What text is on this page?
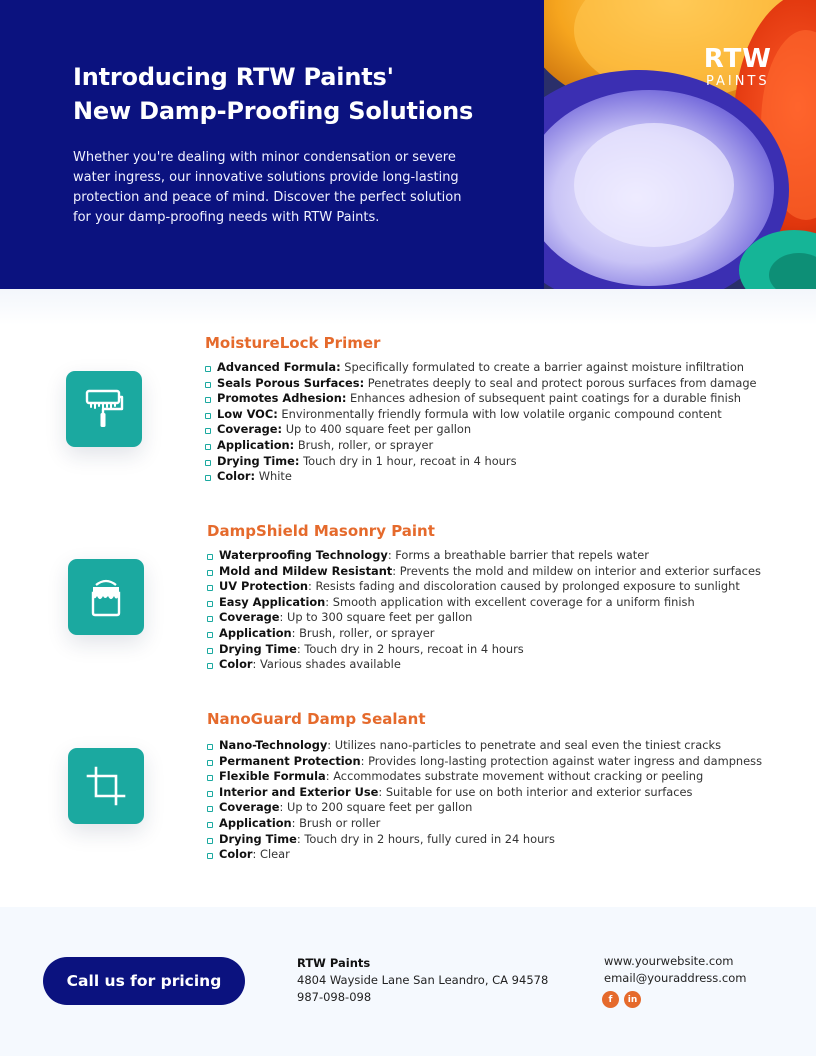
Introducing RTW Paints'
New Damp-Proofing Solutions

Whether you're dealing with minor condensation or severe water ingress, our innovative solutions provide long-lasting protection and peace of mind. Discover the perfect solution for your damp-proofing needs with RTW Paints.

RTW
PAINTS
MoistureLock Primer
Advanced Formula: Specifically formulated to create a barrier against moisture infiltration
Seals Porous Surfaces: Penetrates deeply to seal and protect porous surfaces from damage
Promotes Adhesion: Enhances adhesion of subsequent paint coatings for a durable finish
Low VOC: Environmentally friendly formula with low volatile organic compound content
Coverage: Up to 400 square feet per gallon
Application: Brush, roller, or sprayer
Drying Time: Touch dry in 1 hour, recoat in 4 hours
Color: White
DampShield Masonry Paint
Waterproofing Technology: Forms a breathable barrier that repels water
Mold and Mildew Resistant: Prevents the mold and mildew on interior and exterior surfaces
UV Protection: Resists fading and discoloration caused by prolonged exposure to sunlight
Easy Application: Smooth application with excellent coverage for a uniform finish
Coverage: Up to 300 square feet per gallon
Application: Brush, roller, or sprayer
Drying Time: Touch dry in 2 hours, recoat in 4 hours
Color: Various shades available
NanoGuard Damp Sealant
Nano-Technology: Utilizes nano-particles to penetrate and seal even the tiniest cracks
Permanent Protection: Provides long-lasting protection against water ingress and dampness
Flexible Formula: Accommodates substrate movement without cracking or peeling
Interior and Exterior Use: Suitable for use on both interior and exterior surfaces
Coverage: Up to 200 square feet per gallon
Application: Brush or roller
Drying Time: Touch dry in 2 hours, fully cured in 24 hours
Color: Clear
Call us for pricing
RTW Paints
4804 Wayside Lane San Leandro, CA 94578
987-098-098
www.yourwebsite.com
email@youraddress.com
f	in
